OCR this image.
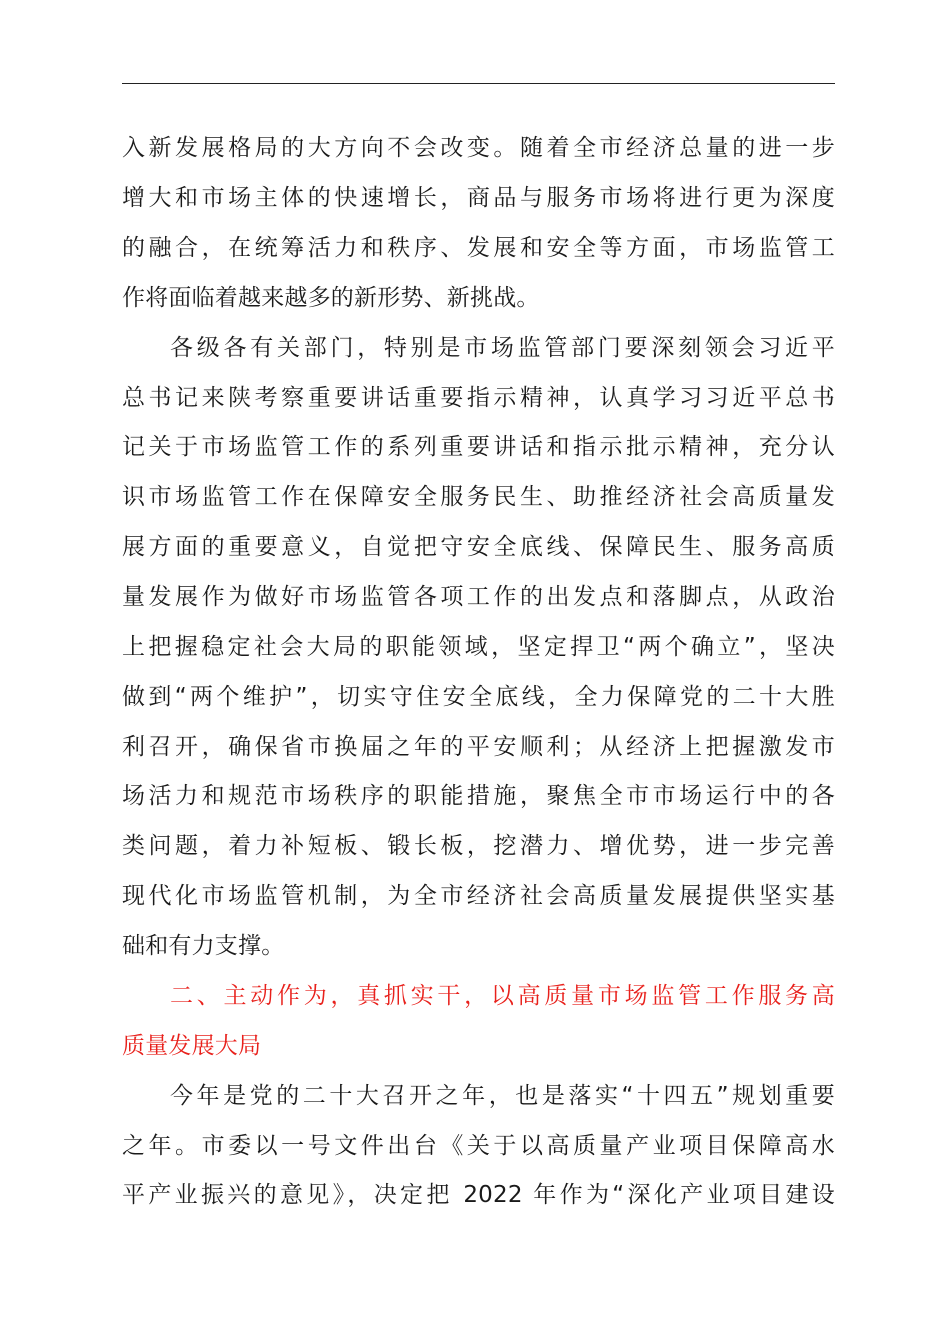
入新发展格局的大方向不会改变。随着全市经济总量的进一步
增大和市场主体的快速增长，商品与服务市场将进行更为深度
的融合，在统筹活力和秩序、发展和安全等方面，市场监管工
作将面临着越来越多的新形势、新挑战。
各级各有关部门，特别是市场监管部门要深刻领会习近平
总书记来陕考察重要讲话重要指示精神，认真学习习近平总书
记关于市场监管工作的系列重要讲话和指示批示精神，充分认
识市场监管工作在保障安全服务民生、助推经济社会高质量发
展方面的重要意义，自觉把守安全底线、保障民生、服务高质
量发展作为做好市场监管各项工作的出发点和落脚点，从政治
上把握稳定社会大局的职能领域，坚定捍卫“两个确立”，坚决
做到“两个维护”，切实守住安全底线，全力保障党的二十大胜
利召开，确保省市换届之年的平安顺利；从经济上把握激发市
场活力和规范市场秩序的职能措施，聚焦全市市场运行中的各
类问题，着力补短板、锻长板，挖潜力、增优势，进一步完善
现代化市场监管机制，为全市经济社会高质量发展提供坚实基
础和有力支撑。
二、主动作为，真抓实干，以高质量市场监管工作服务高
质量发展大局
今年是党的二十大召开之年，也是落实“十四五”规划重要
之年。市委以一号文件出台《关于以高质量产业项目保障高水
平产业振兴的意见》，决定把 2022 年作为“深化产业项目建设
